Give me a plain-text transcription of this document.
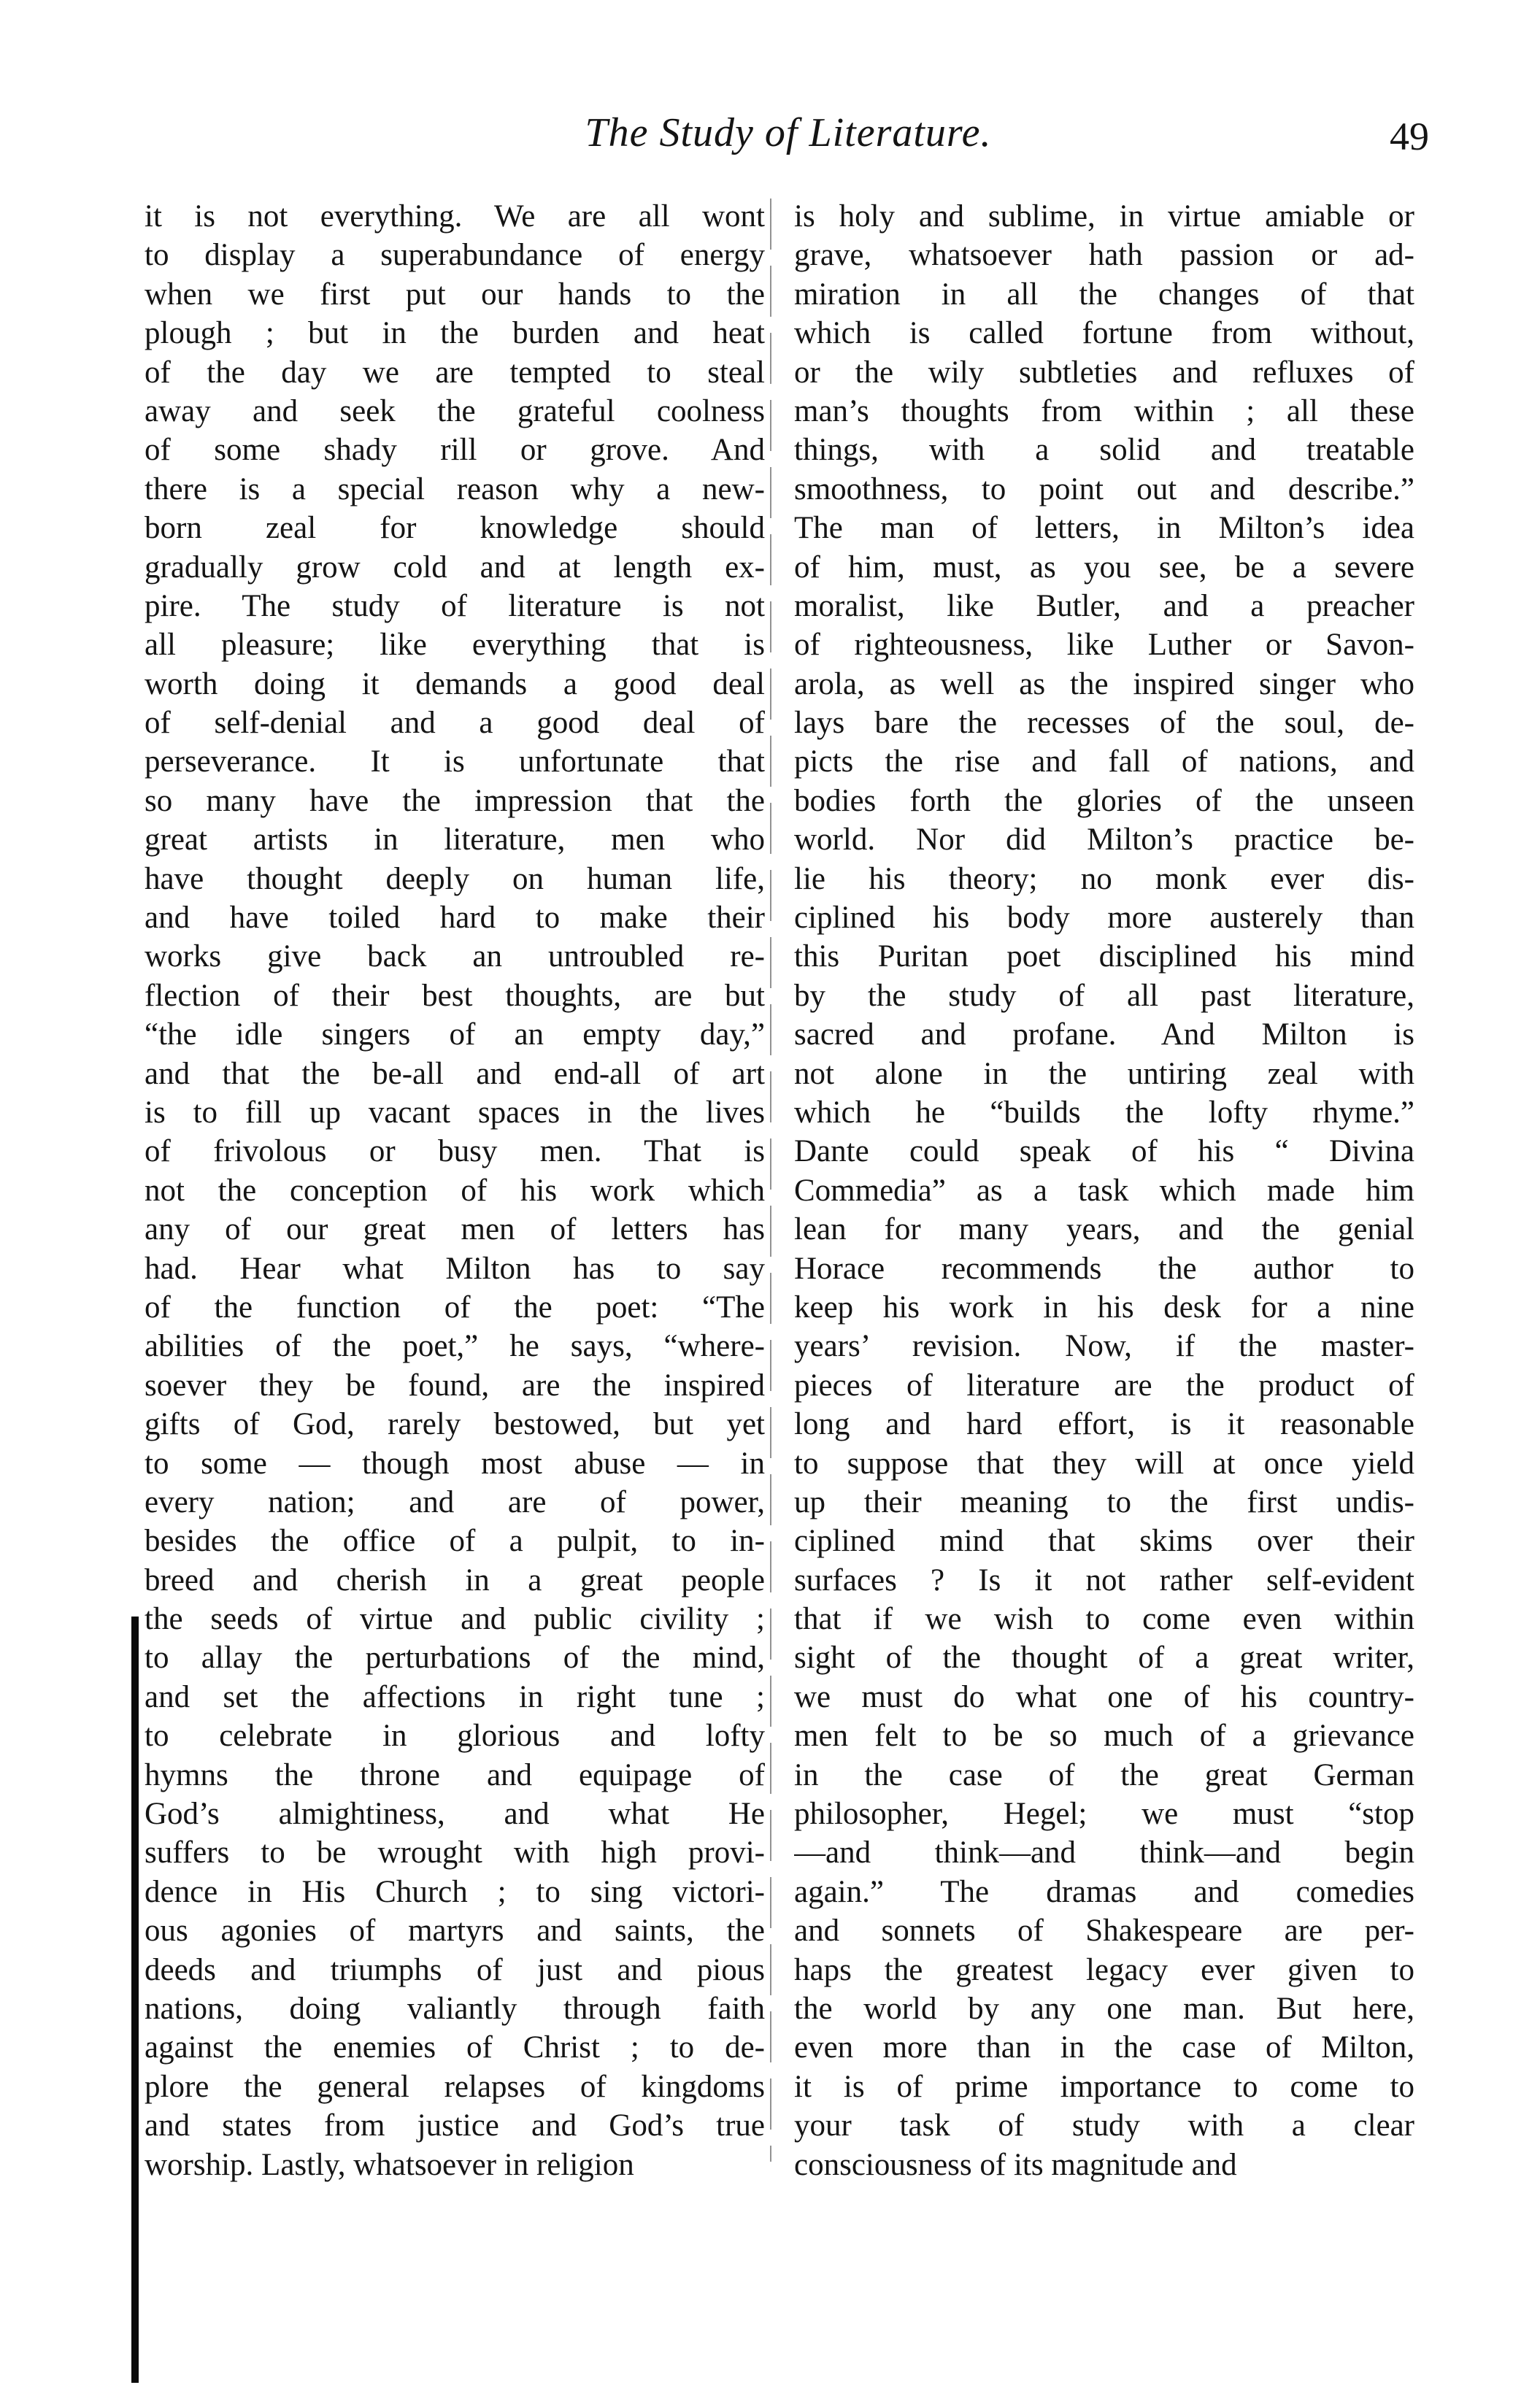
The Study of Literature.	49
it is not everything. We are all wont
to display a superabundance of energy
when we first put our hands to the
plough ; but in the burden and heat
of the day we are tempted to steal
away and seek the grateful coolness
of some shady rill or grove. And
there is a special reason why a new-
born zeal for knowledge should
gradually grow cold and at length ex-
pire. The study of literature is not
all pleasure; like everything that is
worth doing it demands a good deal
of self-denial and a good deal of
perseverance. It is unfortunate that
so many have the impression that the
great artists in literature, men who
have thought deeply on human life,
and have toiled hard to make their
works give back an untroubled re-
flection of their best thoughts, are but
“the idle singers of an empty day,”
and that the be-all and end-all of art
is to fill up vacant spaces in the lives
of frivolous or busy men. That is
not the conception of his work which
any of our great men of letters has
had. Hear what Milton has to say
of the function of the poet: “The
abilities of the poet,” he says, “where-
soever they be found, are the inspired
gifts of God, rarely bestowed, but yet
to some — though most abuse — in
every nation; and are of power,
besides the office of a pulpit, to in-
breed and cherish in a great people
the seeds of virtue and public civility ;
to allay the perturbations of the mind,
and set the affections in right tune ;
to celebrate in glorious and lofty
hymns the throne and equipage of
God’s almightiness, and what He
suffers to be wrought with high provi-
dence in His Church ; to sing victori-
ous agonies of martyrs and saints, the
deeds and triumphs of just and pious
nations, doing valiantly through faith
against the enemies of Christ ; to de-
plore the general relapses of kingdoms
and states from justice and God’s true
worship. Lastly, whatsoever in religion
is holy and sublime, in virtue amiable or
grave, whatsoever hath passion or ad-
miration in all the changes of that
which is called fortune from without,
or the wily subtleties and refluxes of
man’s thoughts from within ; all these
things, with a solid and treatable
smoothness, to point out and describe.”
The man of letters, in Milton’s idea
of him, must, as you see, be a severe
moralist, like Butler, and a preacher
of righteousness, like Luther or Savon-
arola, as well as the inspired singer who
lays bare the recesses of the soul, de-
picts the rise and fall of nations, and
bodies forth the glories of the unseen
world. Nor did Milton’s practice be-
lie his theory; no monk ever dis-
ciplined his body more austerely than
this Puritan poet disciplined his mind
by the study of all past literature,
sacred and profane. And Milton is
not alone in the untiring zeal with
which he “builds the lofty rhyme.”
Dante could speak of his “ Divina
Commedia” as a task which made him
lean for many years, and the genial
Horace recommends the author to
keep his work in his desk for a nine
years’ revision. Now, if the master-
pieces of literature are the product of
long and hard effort, is it reasonable
to suppose that they will at once yield
up their meaning to the first undis-
ciplined mind that skims over their
surfaces ? Is it not rather self-evident
that if we wish to come even within
sight of the thought of a great writer,
we must do what one of his country-
men felt to be so much of a grievance
in the case of the great German
philosopher, Hegel; we must “stop
—and think—and think—and begin
again.” The dramas and comedies
and sonnets of Shakespeare are per-
haps the greatest legacy ever given to
the world by any one man. But here,
even more than in the case of Milton,
it is of prime importance to come to
your task of study with a clear
consciousness of its magnitude and
